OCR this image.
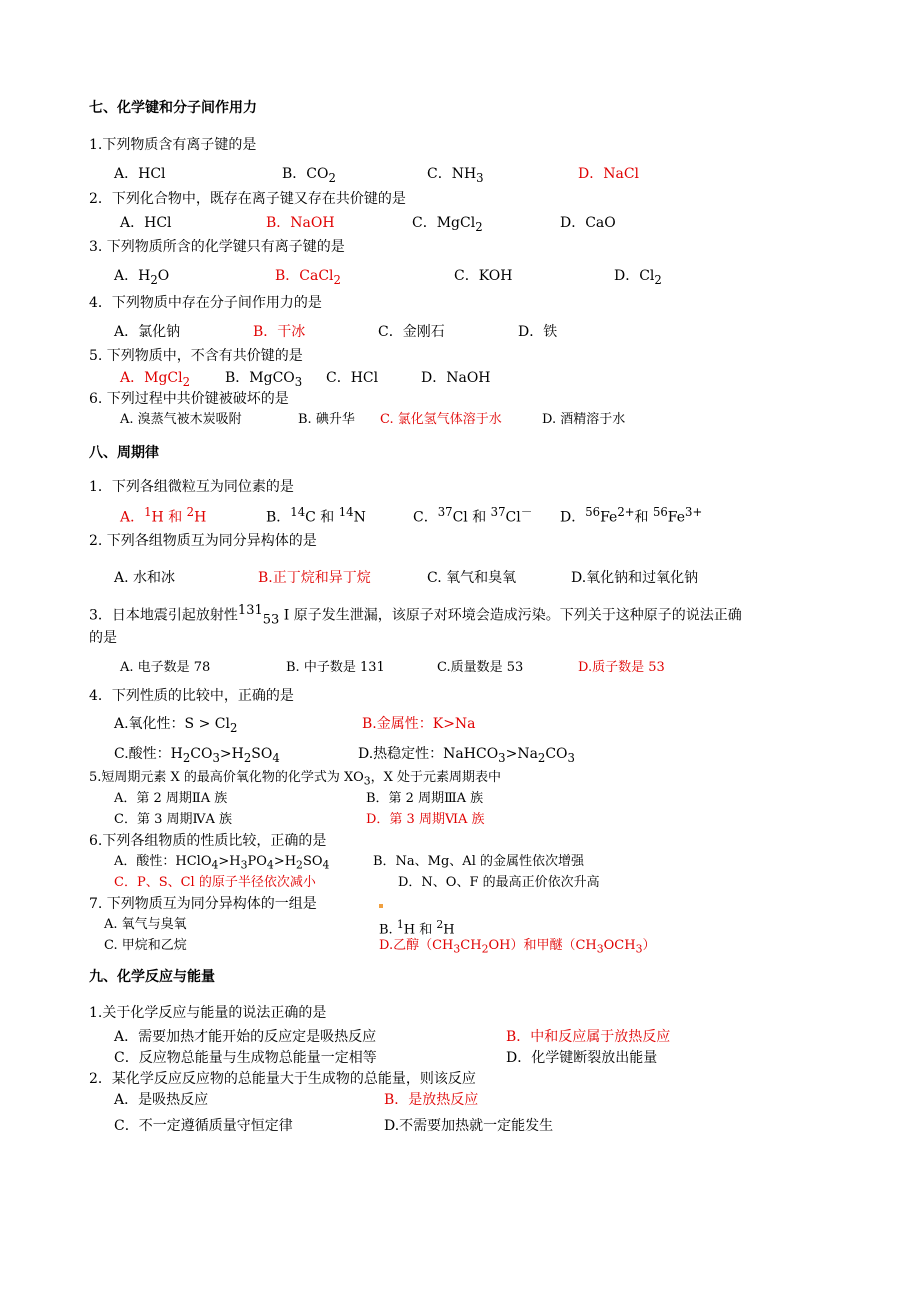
七、化学键和分子间作用力
1.下列物质含有离子键的是
A．HCl	B．$CO_2$	C．$NH_3$	D．NaCl
2．下列化合物中，既存在离子键又存在共价键的是
A．HCl	B．NaOH	C．MgCl$_2$	D．CaO
3. 下列物质所含的化学键只有离子键的是
A．$H_2O$	B．CaCl$_2$	C．KOH	D．$Cl_2$
4．下列物质中存在分子间作用力的是
A．氯化钠	B．干冰	C．金刚石	D．铁
5. 下列物质中，不含有共价键的是
A．MgCl$_2$ B．MgCO$_3$ C．HCl	D．NaOH
6. 下列过程中共价键被破坏的是
A. 溴蒸气被木炭吸附	B. 碘升华 C. 氯化氢气体溶于水	D. 酒精溶于水
八、周期律
1．下列各组微粒互为同位素的是
A．$^1$H 和 $^2$H	B．$^{14}$C 和 $^{14}$N	C．$^{37}$Cl 和 $^{37}$Cl－ D．$^{56}Fe^{2+}$和 $^{56}Fe^{3+}$
2. 下列各组物质互为同分异构体的是
A. 水和冰	B.正丁烷和异丁烷	C. 氧气和臭氧	D.氧化钠和过氧化钠
3．日本地震引起放射性$^{131}_{53}$ I 原子发生泄漏，该原子对环境会造成污染。下列关于这种原子的说法正确
的是
A. 电子数是 78	B. 中子数是 131	C.质量数是 53	D.质子数是 53
4．下列性质的比较中，正确的是
A.氧化性：$S > Cl_2$	B.金属性：K>Na
C.酸性：$H_2CO_3>H_2SO_4$	D.热稳定性：$NaHCO_3>Na_2CO_3$
5.短周期元素 X 的最高价氧化物的化学式为 $XO_3$，X 处于元素周期表中
A．第 2 周期ⅡA 族	B．第 2 周期ⅢA 族
C．第 3 周期ⅣA 族	D．第 3 周期ⅥA 族
6.下列各组物质的性质比较，正确的是
A．酸性：$HClO_4>H_3PO_4>H_2SO_4$	B．Na、Mg、Al 的金属性依次增强
C．P、S、Cl 的原子半径依次减小	D．N、O、F 的最高正价依次升高
7. 下列物质互为同分异构体的一组是
A. 氧气与臭氧	B. $^1$H 和 $^2$H
C. 甲烷和乙烷	D.乙醇$(CH_3CH_2OH)$和甲醚$(CH_3OCH_3)$
九、化学反应与能量
1.关于化学反应与能量的说法正确的是
A．需要加热才能开始的反应定是吸热反应	B．中和反应属于放热反应
C．反应物总能量与生成物总能量一定相等	D．化学键断裂放出能量
2．某化学反应反应物的总能量大于生成物的总能量，则该反应
A．是吸热反应	B．是放热反应
C．不一定遵循质量守恒定律	D.不需要加热就一定能发生
